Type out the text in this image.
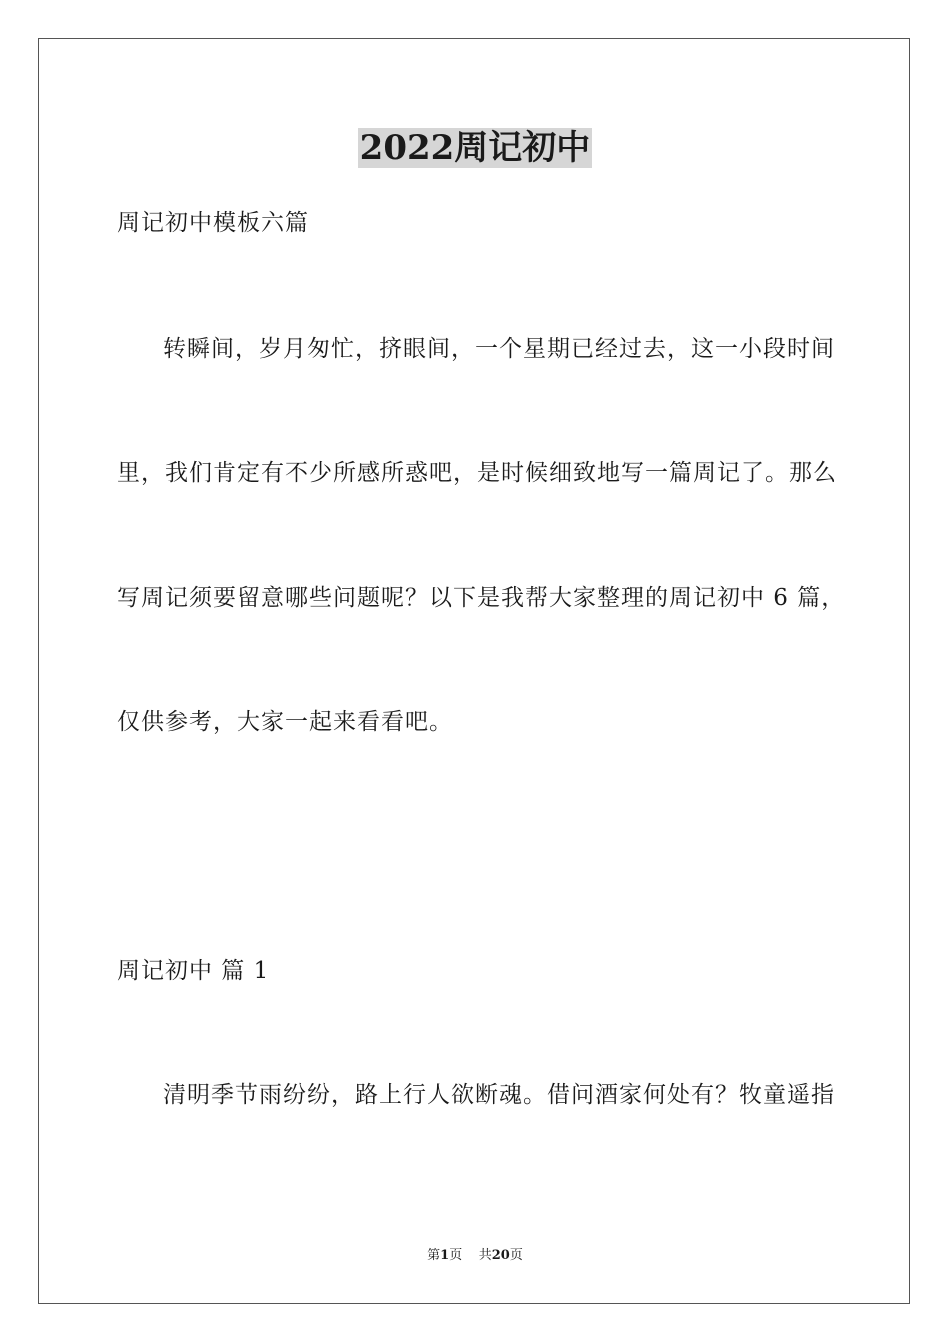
2022周记初中
周记初中模板六篇
转瞬间，岁月匆忙，挤眼间，一个星期已经过去，这一小段时间
里，我们肯定有不少所感所惑吧，是时候细致地写一篇周记了。那么
写周记须要留意哪些问题呢？以下是我帮大家整理的周记初中 6 篇，
仅供参考，大家一起来看看吧。
周记初中 篇 1
清明季节雨纷纷，路上行人欲断魂。借问酒家何处有？牧童遥指
第1页    共20页
